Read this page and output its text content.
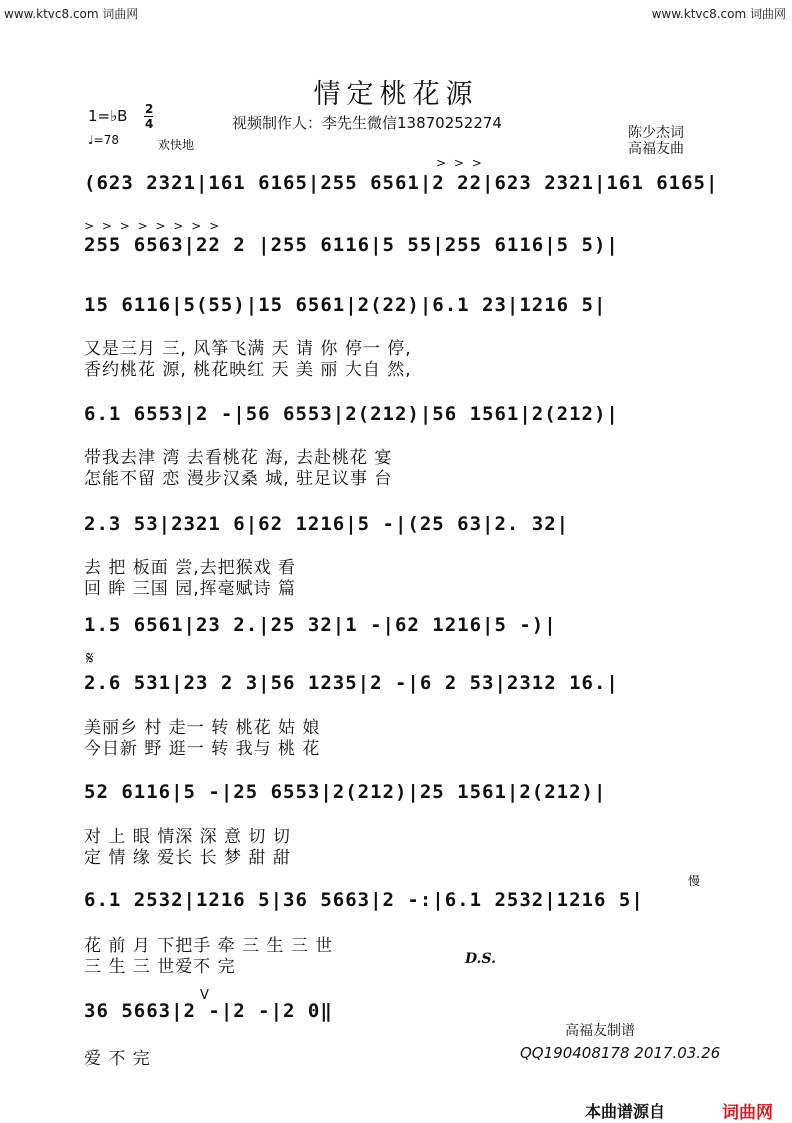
www.ktvc8.com 词曲网	www.ktvc8.com 词曲网
情定桃花源
1=♭B 2
4	视频制作人：李先生微信13870252274
♩=78	欢快地
陈少杰词
高福友曲
(623 2321|161 6165|255 6561|2 22|623 2321|161 6165|
> > >
> > > > > > > >
255 6563|22 2 |255 6116|5 55|255 6116|5 5)|
15 6116|5(55)|15 6561|2(22)|6.1 23|1216 5|
又是三月 三, 风筝飞满 天 请 你 停一 停,
香约桃花 源, 桃花映红 天 美 丽 大自 然,
6.1 6553|2 -|56 6553|2(212)|56 1561|2(212)|
带我去津 湾 去看桃花 海, 去赴桃花 宴
怎能不留 恋 漫步汉桑 城, 驻足议事 台
2.3 53|2321 6|62 1216|5 -|(25 63|2. 32|
去 把 板面 尝,去把猴戏 看
回 眸 三国 园,挥毫赋诗 篇
1.5 6561|23 2.|25 32|1 -|62 1216|5 -)|
𝄋
2.6 531|23 2 3|56 1235|2 -|6 2 53|2312 16.|
美丽乡 村 走一 转 桃花 姑 娘
今日新 野 逛一 转 我与 桃 花
52 6116|5 -|25 6553|2(212)|25 1561|2(212)|
对 上 眼 情深 深 意 切 切
定 情 缘 爱长 长 梦 甜 甜
慢
6.1 2532|1216 5|36 5663|2 -:|6.1 2532|1216 5|
花 前 月 下把手 牵 三 生 三 世
三 生 三 世爱不 完	D.S.
V
36 5663|2 -|2 -|2 0‖
爱 不 完
高福友制谱
QQ190408178 2017.03.26
本曲谱源自	词曲网
